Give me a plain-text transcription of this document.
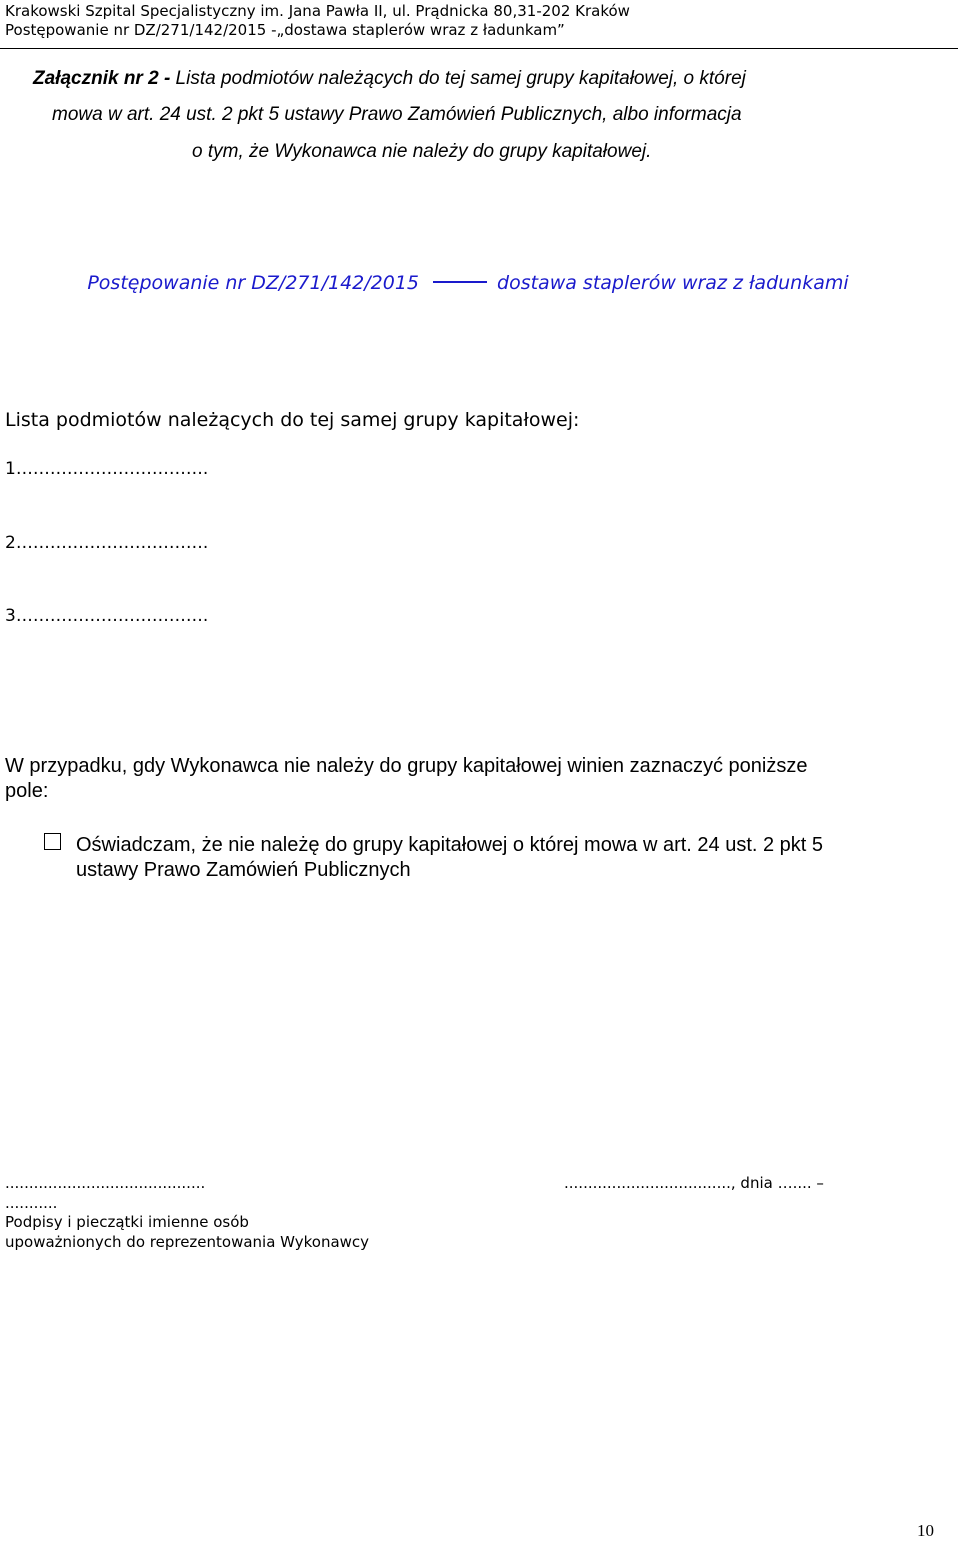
Krakowski Szpital Specjalistyczny im. Jana Pawła II, ul. Prądnicka 80,31-202 Kraków
Postępowanie nr DZ/271/142/2015 -„dostawa staplerów wraz z ładunkam”
Załącznik nr 2 - Lista podmiotów należących do tej samej grupy kapitałowej, o której
mowa w art. 24 ust. 2 pkt 5 ustawy Prawo Zamówień Publicznych, albo informacja
o tym, że Wykonawca nie należy do grupy kapitałowej.
Postępowanie nr DZ/271/142/2015	dostawa staplerów wraz z ładunkami
Lista podmiotów należących do tej samej grupy kapitałowej:
1…………………………….
2…………………………….
3…………………………….
W przypadku, gdy Wykonawca nie należy do grupy kapitałowej winien zaznaczyć poniższe
pole:
Oświadczam, że nie należę do grupy kapitałowej o której mowa w art. 24 ust. 2 pkt 5
ustawy Prawo Zamówień Publicznych
..........................................	..................................., dnia ….... –
...........
Podpisy i pieczątki imienne osób
upoważnionych do reprezentowania Wykonawcy
10
